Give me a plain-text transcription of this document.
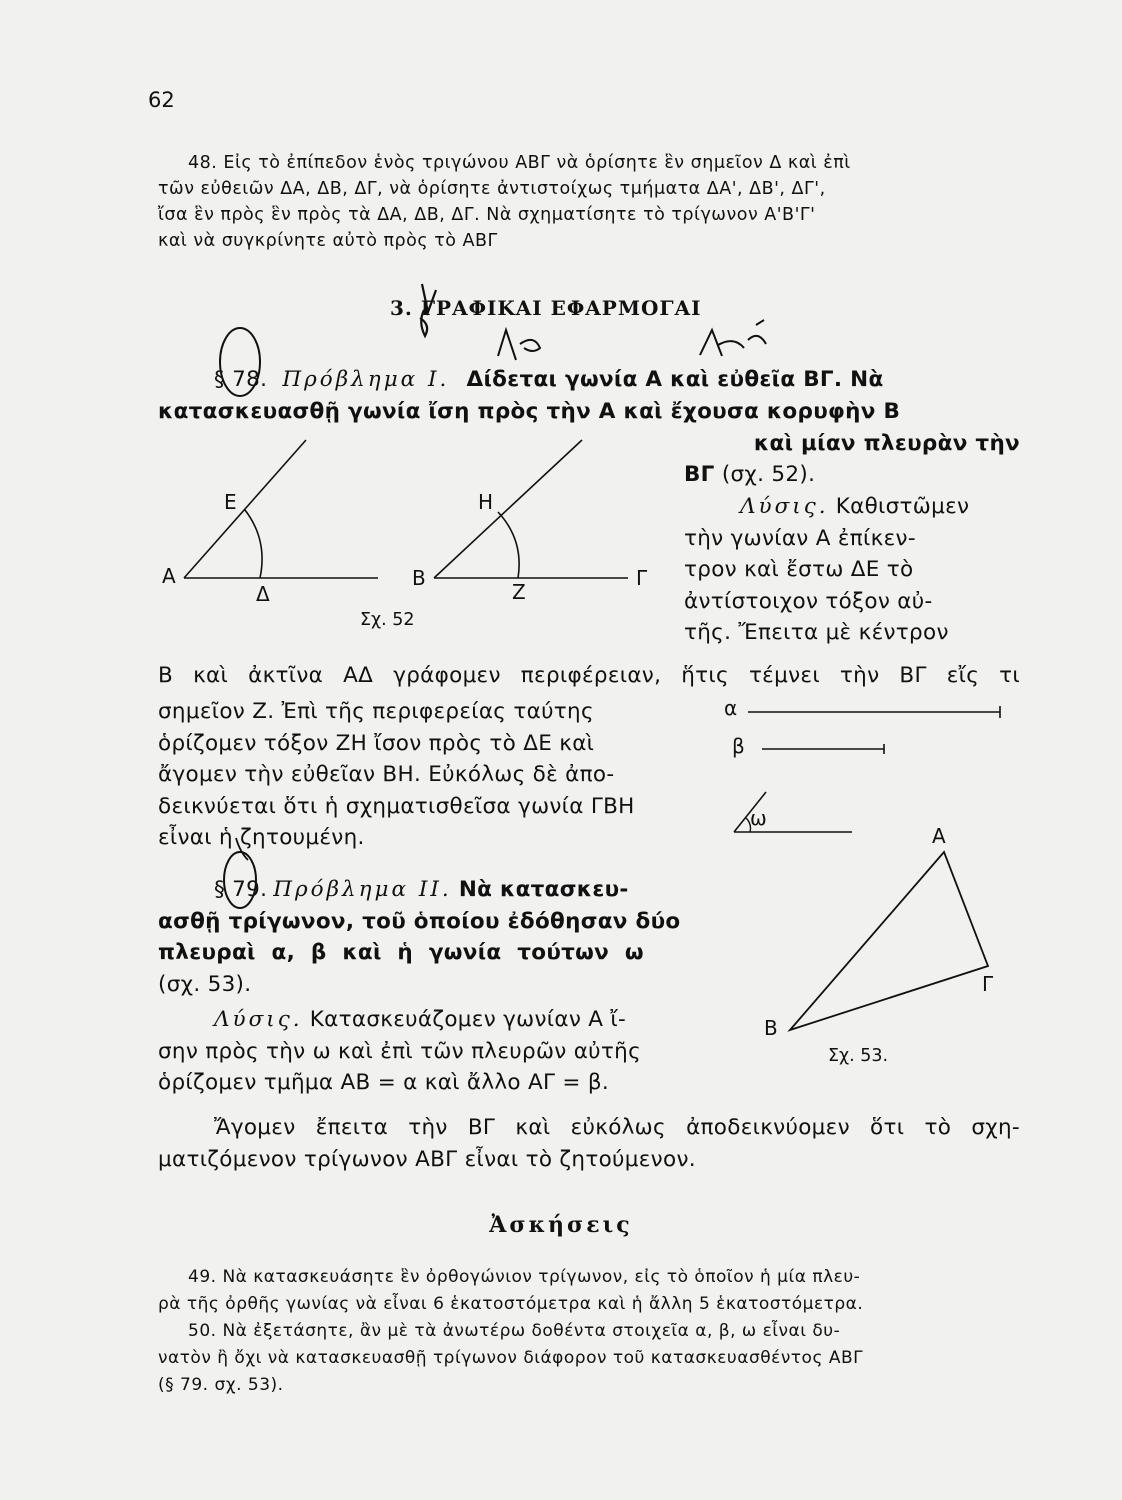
62

48. Εἰς τὸ ἐπίπεδον ἑνὸς τριγώνου ΑΒΓ νὰ ὁρίσητε ἓν σημεῖον Δ καὶ ἐπὶ

τῶν εὐθειῶν ΔΑ, ΔΒ, ΔΓ, νὰ ὁρίσητε ἀντιστοίχως τμήματα ΔΑ', ΔΒ', ΔΓ',

ἴσα ἓν πρὸς ἓν πρὸς τὰ ΔΑ, ΔΒ, ΔΓ. Νὰ σχηματίσητε τὸ τρίγωνον Α'Β'Γ'

καὶ νὰ συγκρίνητε αὐτὸ πρὸς τὸ ΑΒΓ

3. ΓΡΑΦΙΚΑΙ ΕΦΑΡΜΟΓΑΙ
§ 78. Πρόβλημα Ι. Δίδεται γωνία Α καὶ εὐθεῖα ΒΓ. Νὰ
κατασκευασθῇ γωνία ἴση πρὸς τὴν Α καὶ ἔχουσα κορυφὴν Β
καὶ μίαν πλευρὰν τὴν
ΒΓ (σχ. 52).
Λύσις. Καθιστῶμεν
τὴν γωνίαν Α ἐπίκεν-
τρον καὶ ἔστω ΔΕ τὸ
ἀντίστοιχον τόξον αὐ-
τῆς. Ἔπειτα μὲ κέντρον
Α
Ε
Δ
Β
Η
Ζ
Γ
Σχ. 52
Β καὶ ἀκτῖνα ΑΔ γράφομεν περιφέρειαν, ἥτις τέμνει τὴν ΒΓ εἴς τι
σημεῖον Ζ. Ἐπὶ τῆς περιφερείας ταύτης
ὁρίζομεν τόξον ΖΗ ἴσον πρὸς τὸ ΔΕ καὶ
ἄγομεν τὴν εὐθεῖαν ΒΗ. Εὐκόλως δὲ ἀπο-
δεικνύεται ὅτι ἡ σχηματισθεῖσα γωνία ΓΒΗ
εἶναι ἡ ζητουμένη.
α
β
ω
§ 79. Πρόβλημα ΙΙ. Νὰ κατασκευ-
ασθῇ τρίγωνον, τοῦ ὁποίου ἐδόθησαν δύο
πλευραὶ α, β καὶ ἡ γωνία τούτων ω
(σχ. 53).
Λύσις. Κατασκευάζομεν γωνίαν Α ἴ-
σην πρὸς τὴν ω καὶ ἐπὶ τῶν πλευρῶν αὐτῆς
ὁρίζομεν τμῆμα ΑΒ = α καὶ ἄλλο ΑΓ = β.
Α
Β
Γ
Σχ. 53.
Ἄγομεν ἔπειτα τὴν ΒΓ καὶ εὐκόλως ἀποδεικνύομεν ὅτι τὸ σχη-
ματιζόμενον τρίγωνον ΑΒΓ εἶναι τὸ ζητούμενον.
Ἀσκήσεις

49. Νὰ κατασκευάσητε ἓν ὀρθογώνιον τρίγωνον, εἰς τὸ ὁποῖον ἡ μία πλευ-

ρὰ τῆς ὀρθῆς γωνίας νὰ εἶναι 6 ἑκατοστόμετρα καὶ ἡ ἄλλη 5 ἑκατοστόμετρα.

50. Νὰ ἐξετάσητε, ἂν μὲ τὰ ἀνωτέρω δοθέντα στοιχεῖα α, β, ω εἶναι δυ-

νατὸν ἢ ὄχι νὰ κατασκευασθῇ τρίγωνον διάφορον τοῦ κατασκευασθέντος ΑΒΓ

(§ 79. σχ. 53).
